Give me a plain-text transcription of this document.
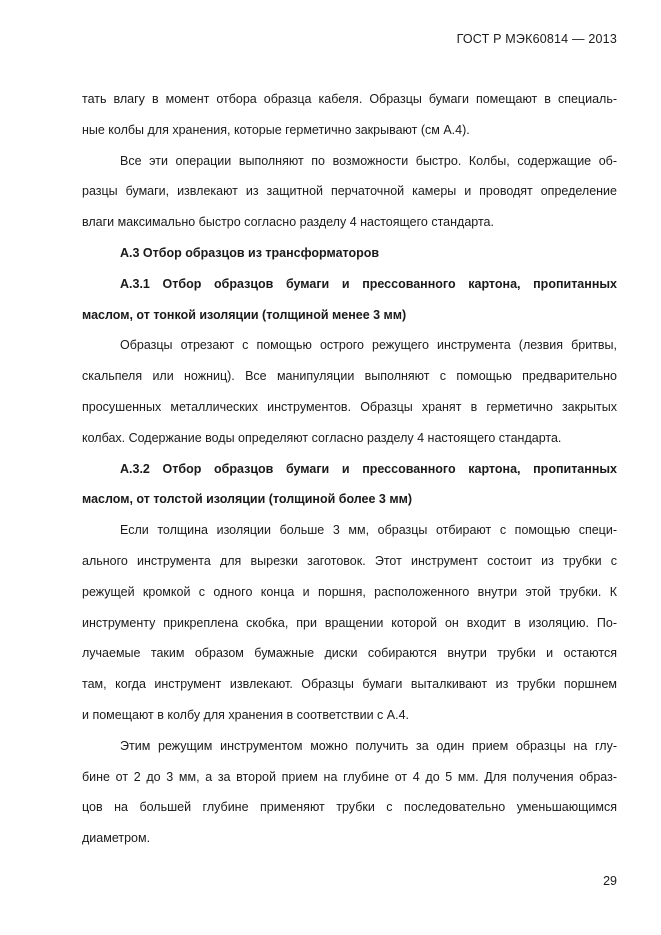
ГОСТ Р МЭК60814 — 2013
тать влагу в момент отбора образца кабеля. Образцы бумаги помещают в специаль-
ные колбы для хранения, которые герметично закрывают (см А.4).
Все эти операции выполняют по возможности быстро. Колбы, содержащие об-
разцы бумаги, извлекают из защитной перчаточной камеры и проводят определение
влаги максимально быстро согласно разделу 4 настоящего стандарта.
А.3 Отбор образцов из трансформаторов
А.3.1 Отбор образцов бумаги и прессованного картона, пропитанных
маслом, от тонкой изоляции (толщиной менее 3 мм)
Образцы отрезают с помощью острого режущего инструмента (лезвия бритвы,
скальпеля или ножниц). Все манипуляции выполняют с помощью предварительно
просушенных металлических инструментов. Образцы хранят в герметично закрытых
колбах. Содержание воды определяют согласно разделу 4 настоящего стандарта.
А.3.2 Отбор образцов бумаги и прессованного картона, пропитанных
маслом, от толстой изоляции (толщиной более 3 мм)
Если толщина изоляции больше 3 мм, образцы отбирают с помощью специ-
ального инструмента для вырезки заготовок. Этот инструмент состоит из трубки с
режущей кромкой с одного конца и поршня, расположенного внутри этой трубки. К
инструменту прикреплена скобка, при вращении которой он входит в изоляцию. По-
лучаемые таким образом бумажные диски собираются внутри трубки и остаются
там, когда инструмент извлекают. Образцы бумаги выталкивают из трубки поршнем
и помещают в колбу для хранения в соответствии с А.4.
Этим режущим инструментом можно получить за один прием образцы на глу-
бине от 2 до 3 мм, а за второй прием на глубине от 4 до 5 мм. Для получения образ-
цов на большей глубине применяют трубки с последовательно уменьшающимся
диаметром.
29
